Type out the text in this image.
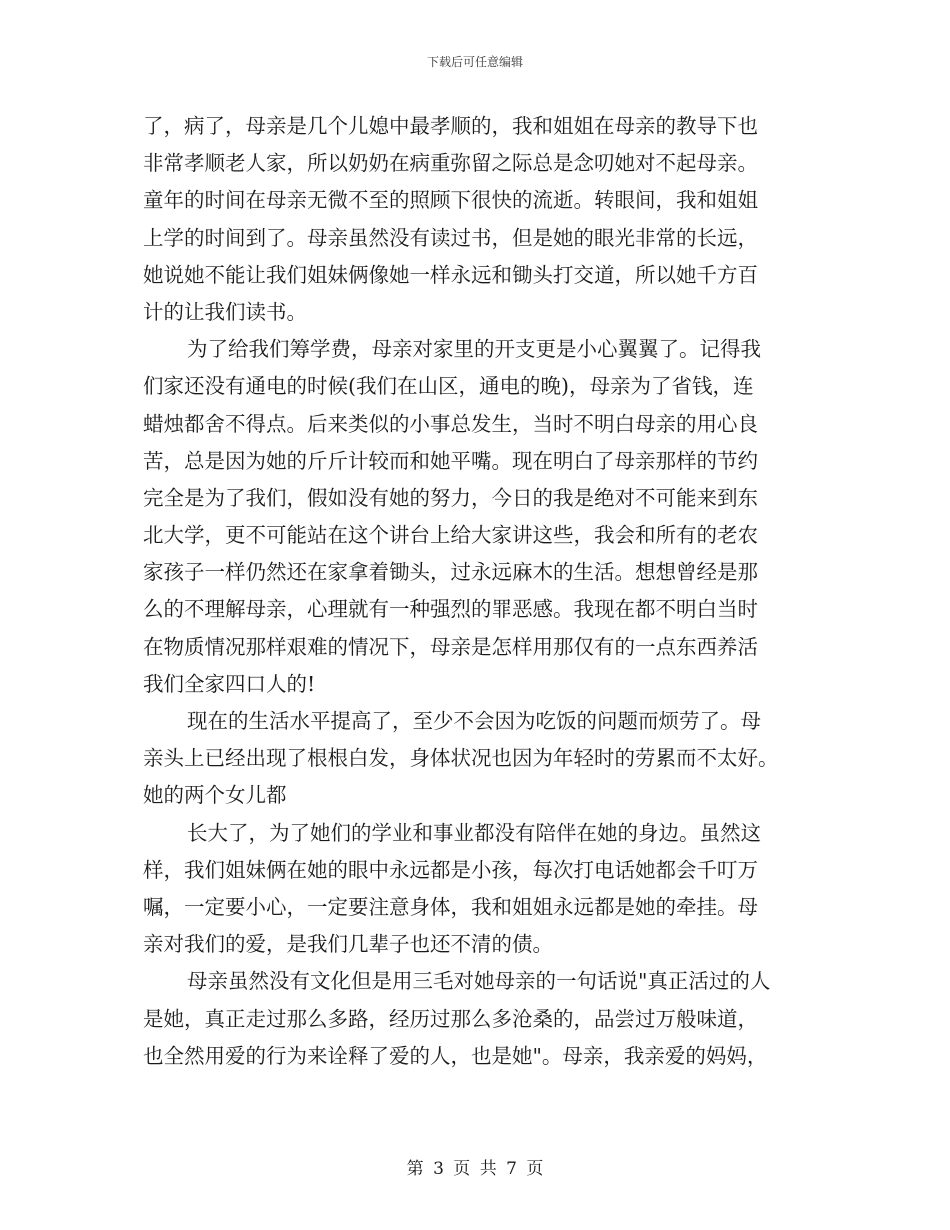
下载后可任意编辑
了，病了，母亲是几个儿媳中最孝顺的，我和姐姐在母亲的教导下也
非常孝顺老人家，所以奶奶在病重弥留之际总是念叨她对不起母亲。
童年的时间在母亲无微不至的照顾下很快的流逝。转眼间，我和姐姐
上学的时间到了。母亲虽然没有读过书，但是她的眼光非常的长远，
她说她不能让我们姐妹俩像她一样永远和锄头打交道，所以她千方百
计的让我们读书。
为了给我们筹学费，母亲对家里的开支更是小心翼翼了。记得我
们家还没有通电的时候(我们在山区，通电的晚)，母亲为了省钱，连
蜡烛都舍不得点。后来类似的小事总发生，当时不明白母亲的用心良
苦，总是因为她的斤斤计较而和她平嘴。现在明白了母亲那样的节约
完全是为了我们，假如没有她的努力，今日的我是绝对不可能来到东
北大学，更不可能站在这个讲台上给大家讲这些，我会和所有的老农
家孩子一样仍然还在家拿着锄头，过永远麻木的生活。想想曾经是那
么的不理解母亲，心理就有一种强烈的罪恶感。我现在都不明白当时
在物质情况那样艰难的情况下，母亲是怎样用那仅有的一点东西养活
我们全家四口人的!
现在的生活水平提高了，至少不会因为吃饭的问题而烦劳了。母
亲头上已经出现了根根白发，身体状况也因为年轻时的劳累而不太好。
她的两个女儿都
长大了，为了她们的学业和事业都没有陪伴在她的身边。虽然这
样，我们姐妹俩在她的眼中永远都是小孩，每次打电话她都会千叮万
嘱，一定要小心，一定要注意身体，我和姐姐永远都是她的牵挂。母
亲对我们的爱，是我们几辈子也还不清的债。
母亲虽然没有文化但是用三毛对她母亲的一句话说"真正活过的人
是她，真正走过那么多路，经历过那么多沧桑的，品尝过万般味道，
也全然用爱的行为来诠释了爱的人，也是她"。母亲，我亲爱的妈妈，
第 3 页 共 7 页
